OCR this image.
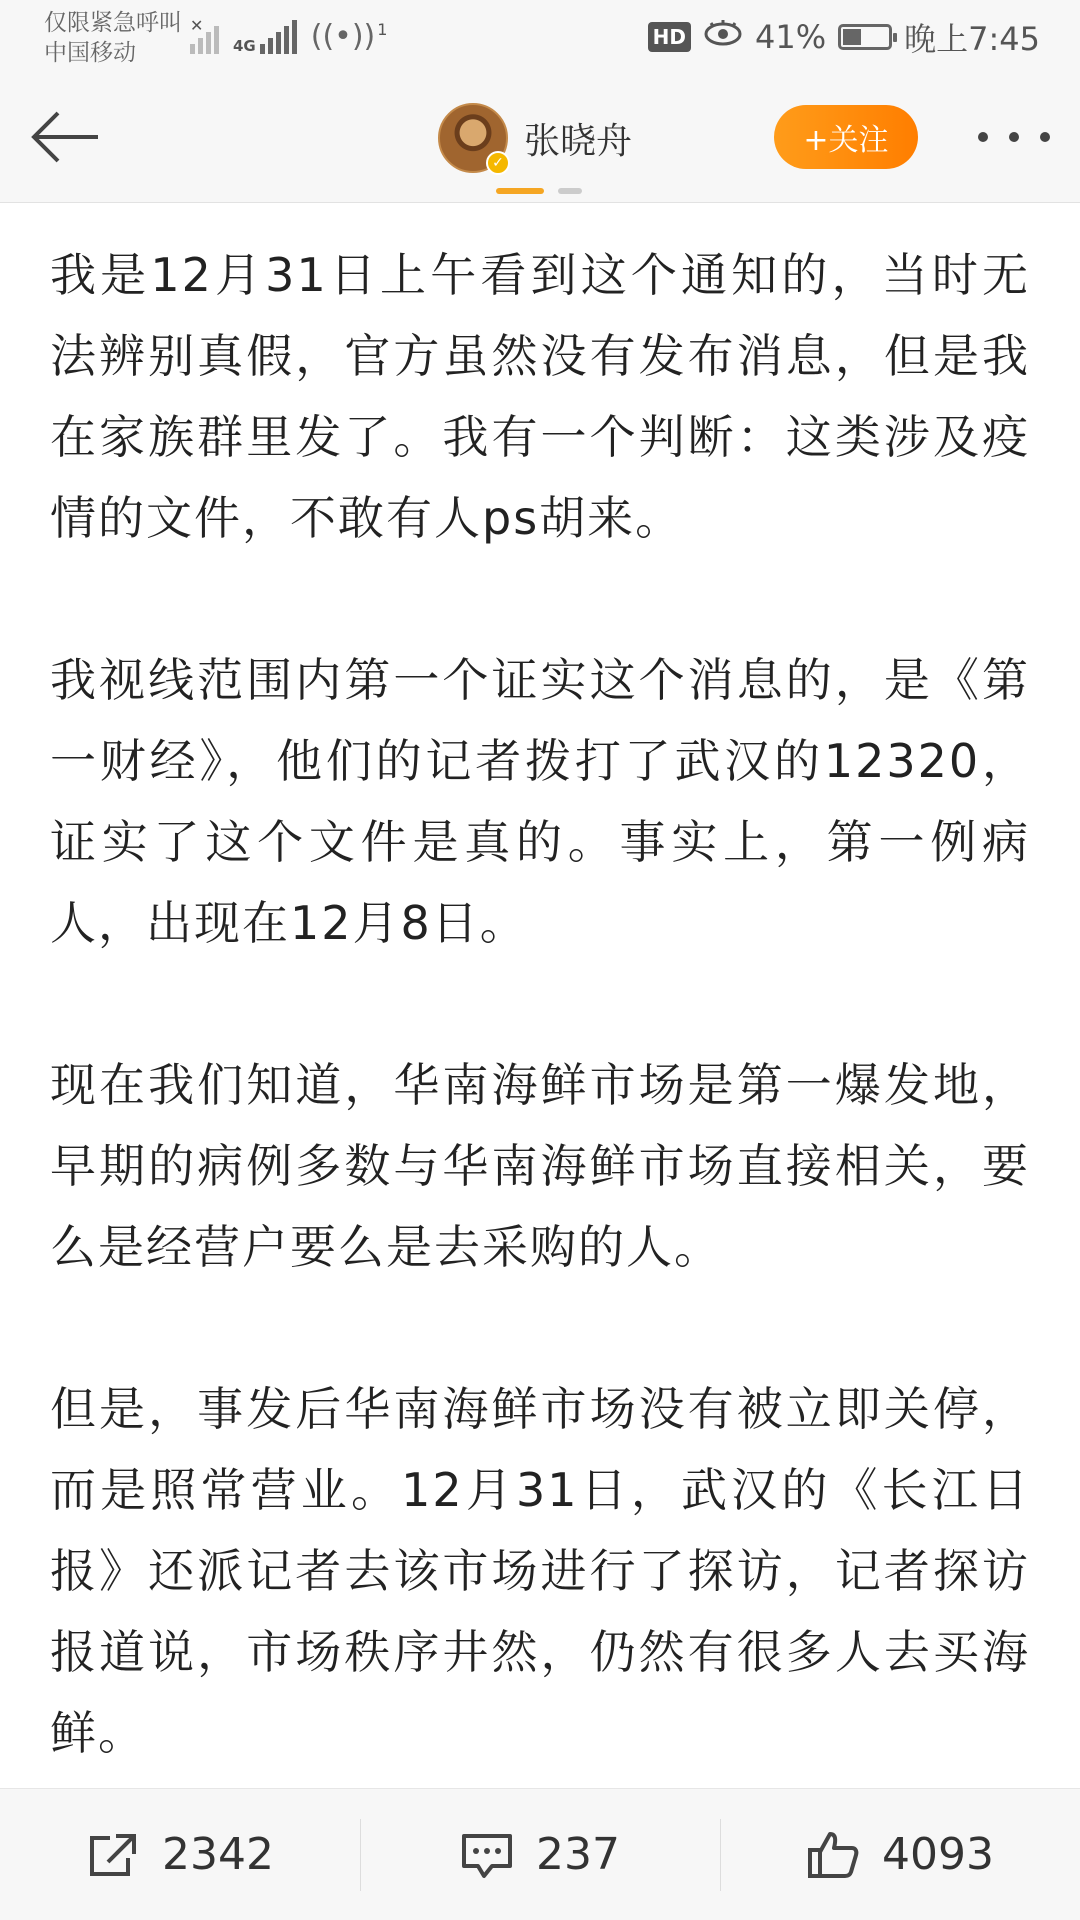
仅限紧急呼叫
中国移动
✕
4G ((•)) 1	HD 41% 晚上7:45
✓
张晓舟	+关注

我是12月31日上午看到这个通知的，当时无法辨别真假，官方虽然没有发布消息，但是我在家族群里发了。我有一个判断：这类涉及疫情的文件，不敢有人ps胡来。

我视线范围内第一个证实这个消息的，是《第一财经》，他们的记者拨打了武汉的12320，证实了这个文件是真的。事实上，第一例病人，出现在12月8日。

现在我们知道，华南海鲜市场是第一爆发地，早期的病例多数与华南海鲜市场直接相关，要么是经营户要么是去采购的人。

但是，事发后华南海鲜市场没有被立即关停，而是照常营业。12月31日，武汉的《长江日报》还派记者去该市场进行了探访，记者探访报道说，市场秩序井然，仍然有很多人去买海鲜。

2342	237	4093
